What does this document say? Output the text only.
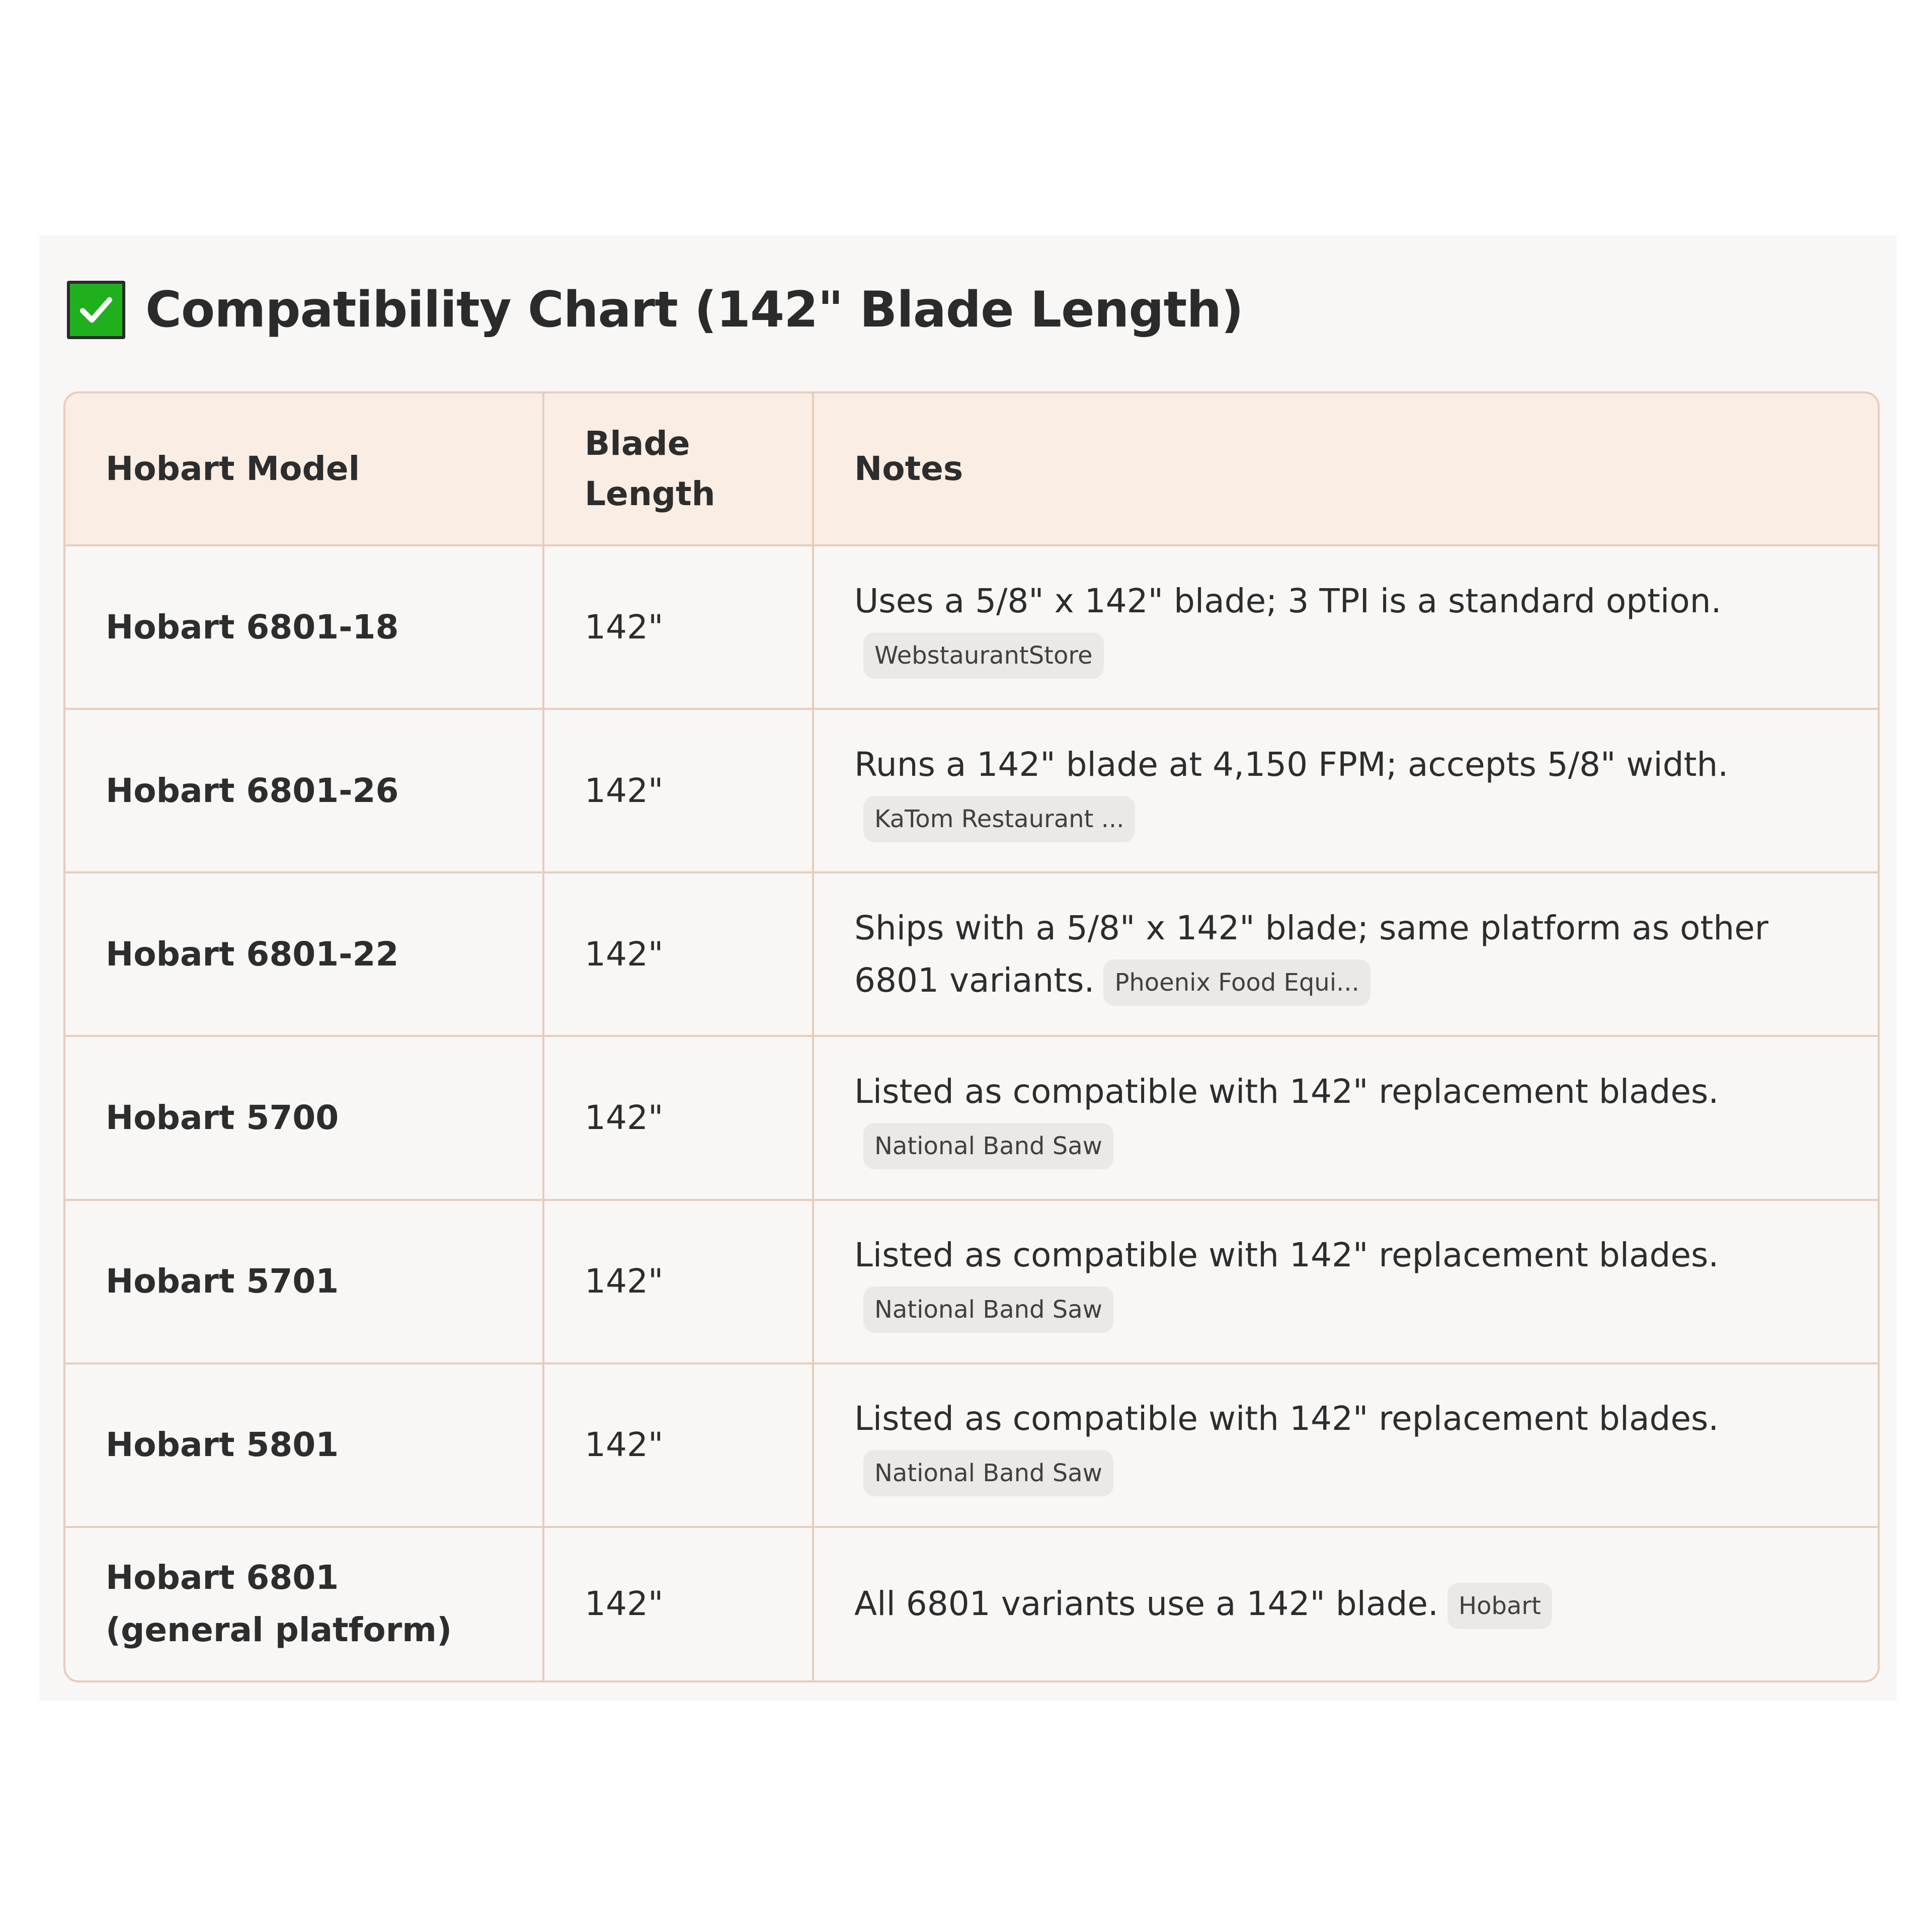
Compatibility Chart (142" Blade Length)
Hobart Model	Blade Length	Notes
Hobart 6801-18	142"	Uses a 5/8" x 142" blade; 3 TPI is a standard option.
WebstaurantStore
Hobart 6801-26	142"	Runs a 142" blade at 4,150 FPM; accepts 5/8" width.
KaTom Restaurant ...
Hobart 6801-22	142"	Ships with a 5/8" x 142" blade; same platform as other 6801 variants. Phoenix Food Equi...
Hobart 5700	142"	Listed as compatible with 142" replacement blades.
National Band Saw
Hobart 5701	142"	Listed as compatible with 142" replacement blades.
National Band Saw
Hobart 5801	142"	Listed as compatible with 142" replacement blades.
National Band Saw
Hobart 6801 (general platform)	142"	All 6801 variants use a 142" blade. Hobart
